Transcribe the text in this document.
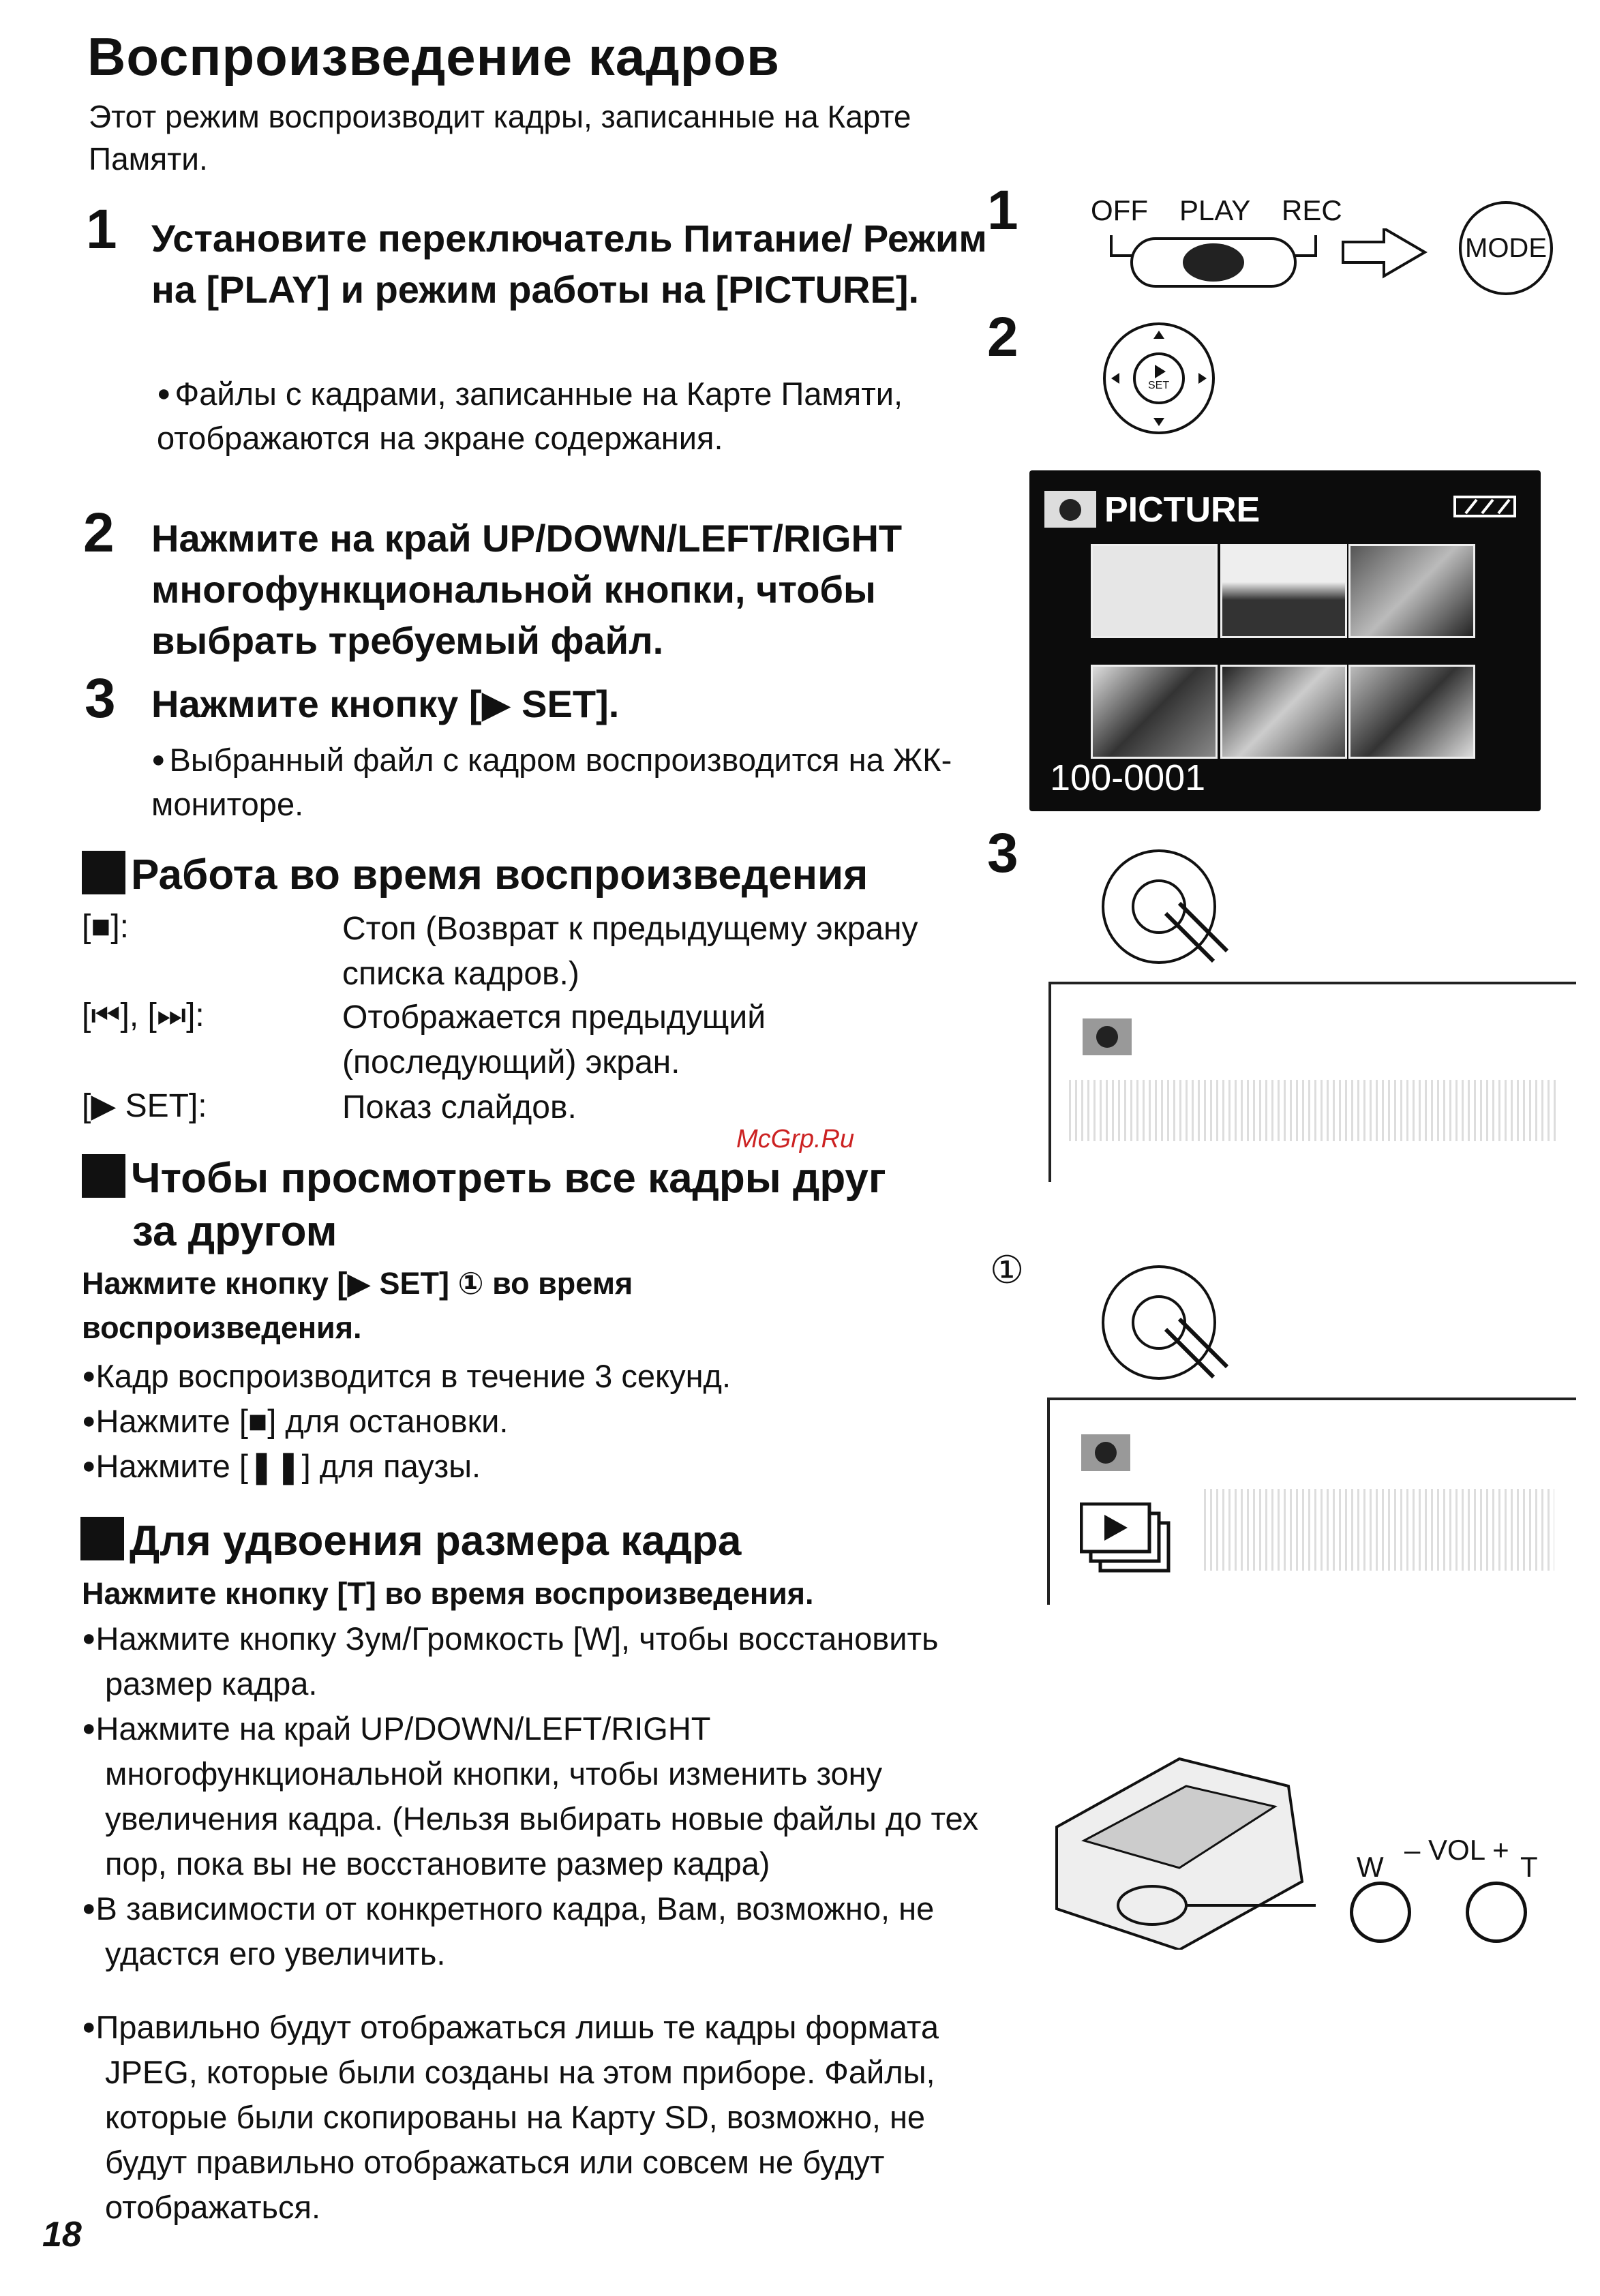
Воспроизведение кадров
Этот режим воспроизводит кадры, записанные на Карте Памяти.
1 Установите переключатель Питание/ Режим на [PLAY] и режим работы на [PICTURE].
● Файлы с кадрами, записанные на Карте Памяти, отображаются на экране содержания.
2 Нажмите на край UP/DOWN/LEFT/RIGHT многофункциональной кнопки, чтобы выбрать требуемый файл.
3 Нажмите кнопку [▶ SET].
● Выбранный файл с кадром воспроизводится на ЖК-мониторе.
Работа во время воспроизведения
[■]:	Стоп (Возврат к предыдущему экрану списка кадров.)
[⏮], [⏭]:	Отображается предыдущий (последующий) экран.
[▶ SET]:	Показ слайдов.
Чтобы просмотреть все кадры друг
за другом
Нажмите кнопку [▶ SET] ① во время воспроизведения.
●Кадр воспроизводится в течение 3 секунд.
●Нажмите [■] для остановки.
●Нажмите [❚❚] для паузы.
Для удвоения размера кадра
Нажмите кнопку [T] во время воспроизведения.
●Нажмите кнопку Зум/Громкость [W], чтобы восстановить размер кадра.
●Нажмите на край UP/DOWN/LEFT/RIGHT многофункциональной кнопки, чтобы изменить зону увеличения кадра. (Нельзя выбирать новые файлы до тех пор, пока вы не восстановите размер кадра)
●В зависимости от конкретного кадра, Вам, возможно, не удастся его увеличить.
●Правильно будут отображаться лишь те кадры формата JPEG, которые были созданы на этом приборе. Файлы, которые были скопированы на Карту SD, возможно, не будут правильно отображаться или совсем не будут отображаться.
18
McGrp.Ru
1
2
3
OFF PLAY REC
MODE
SET
PICTURE
100-0001
①
W
– VOL +
T
